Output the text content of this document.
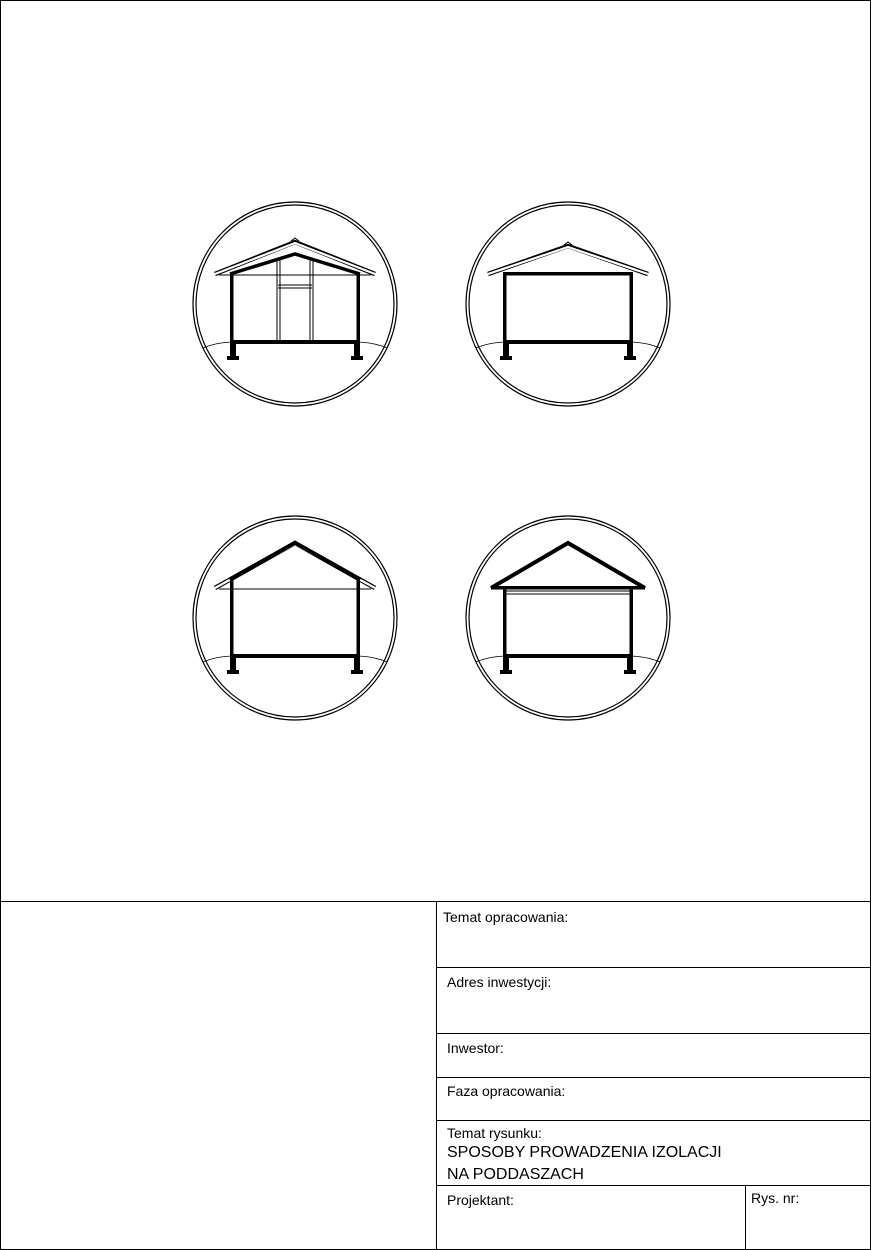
Temat opracowania:
Adres inwestycji:
Inwestor:
Faza opracowania:
Temat rysunku:
SPOSOBY PROWADZENIA IZOLACJI
NA PODDASZACH
Projektant:	Rys. nr:
